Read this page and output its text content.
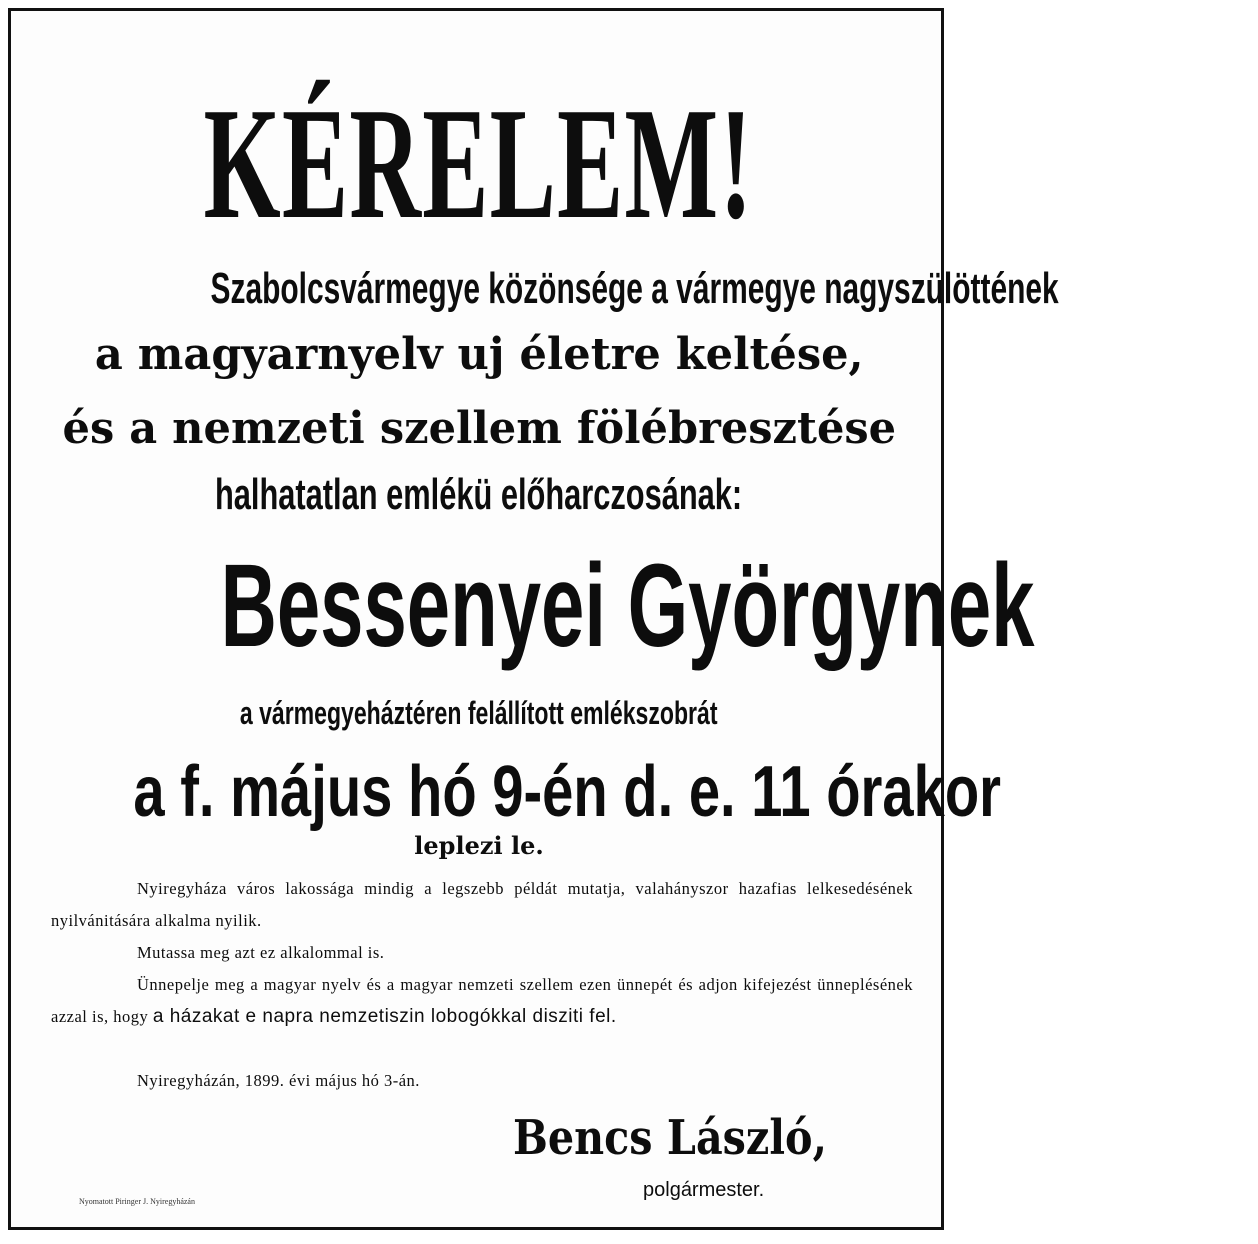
KÉRELEM!
Szabolcsvármegye közönsége a vármegye nagyszülöttének
a magyarnyelv uj életre keltése,
és a nemzeti szellem fölébresztése
halhatatlan emlékü előharczosának:
Bessenyei Györgynek
a vármegyeháztéren felállított emlékszobrát
a f. május hó 9-én d. e. 11 órakor
leplezi le.
Nyiregyháza város lakossága mindig a legszebb példát mutatja, valahányszor hazafias lelkesedésének nyilvánitására alkalma nyilik.
Mutassa meg azt ez alkalommal is.
Ünnepelje meg a magyar nyelv és a magyar nemzeti szellem ezen ünnepét és adjon kifejezést ünneplésének azzal is, hogy a házakat e napra nemzetiszin lobogókkal diszitі fel.
Nyiregyházán, 1899. évi május hó 3-án.
Bencs László,
polgármester.
Nyomatott Piringer J. Nyiregyházán
